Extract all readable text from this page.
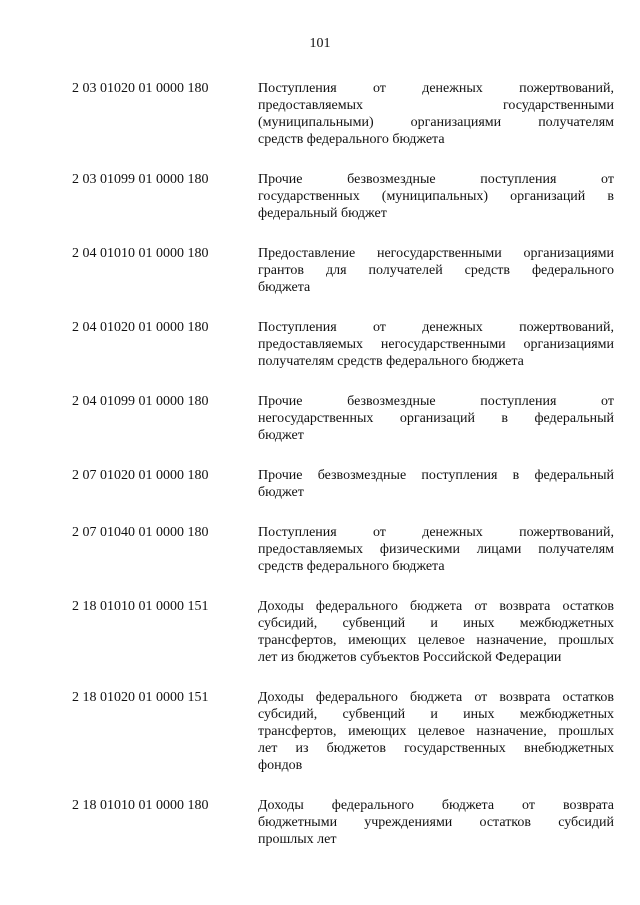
101
2 03 01020 01 0000 180	Поступления от денежных пожертвований,
предоставляемых государственными
(муниципальными) организациями получателям
средств федерального бюджета
2 03 01099 01 0000 180	Прочие безвозмездные поступления от
государственных (муниципальных) организаций в
федеральный бюджет
2 04 01010 01 0000 180	Предоставление негосударственными организациями
грантов для получателей средств федерального
бюджета
2 04 01020 01 0000 180	Поступления от денежных пожертвований,
предоставляемых негосударственными организациями
получателям средств федерального бюджета
2 04 01099 01 0000 180	Прочие безвозмездные поступления от
негосударственных организаций в федеральный
бюджет
2 07 01020 01 0000 180	Прочие безвозмездные поступления в федеральный
бюджет
2 07 01040 01 0000 180	Поступления от денежных пожертвований,
предоставляемых физическими лицами получателям
средств федерального бюджета
2 18 01010 01 0000 151	Доходы федерального бюджета от возврата остатков
субсидий, субвенций и иных межбюджетных
трансфертов, имеющих целевое назначение, прошлых
лет из бюджетов субъектов Российской Федерации
2 18 01020 01 0000 151	Доходы федерального бюджета от возврата остатков
субсидий, субвенций и иных межбюджетных
трансфертов, имеющих целевое назначение, прошлых
лет из бюджетов государственных внебюджетных
фондов
2 18 01010 01 0000 180	Доходы федерального бюджета от возврата
бюджетными учреждениями остатков субсидий
прошлых лет
